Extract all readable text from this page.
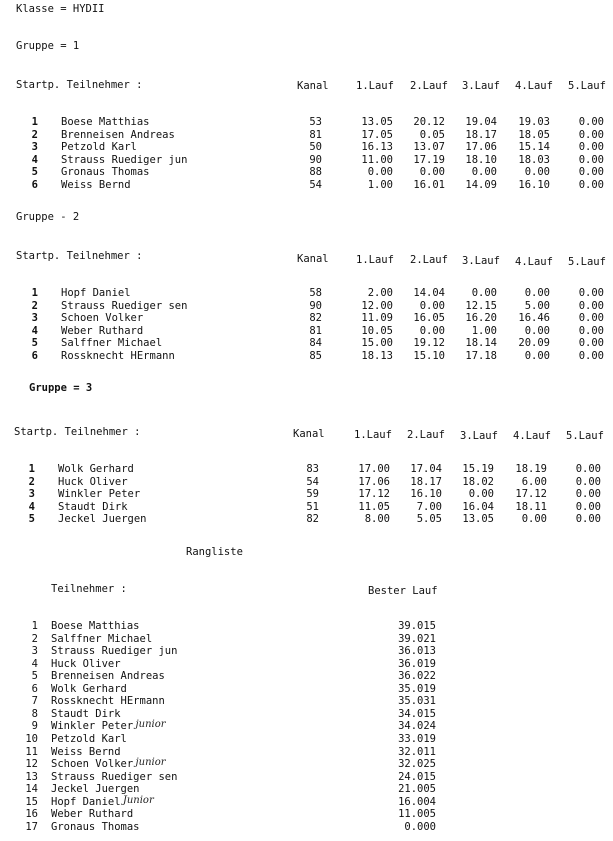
Klasse = HYDII
Gruppe = 1
Startp. Teilnehmer :	Kanal	1.Lauf 2.Lauf 3.Lauf 4.Lauf 5.Lauf
1 Boese Matthias	53	13.05	20.12	19.04	19.03	0.00
2 Brenneisen Andreas	81	17.05	0.05	18.17	18.05	0.00
3 Petzold Karl	50	16.13	13.07	17.06	15.14	0.00
4 Strauss Ruediger jun	90	11.00	17.19	18.10	18.03	0.00
5 Gronaus Thomas	88	0.00	0.00	0.00	0.00	0.00
6 Weiss Bernd	54	1.00	16.01	14.09	16.10	0.00
Gruppe - 2
Startp. Teilnehmer :	Kanal	1.Lauf 2.Lauf 3.Lauf 4.Lauf 5.Lauf
1 Hopf Daniel	58	2.00	14.04	0.00	0.00	0.00
2 Strauss Ruediger sen	90	12.00	0.00	12.15	5.00	0.00
3 Schoen Volker	82	11.09	16.05	16.20	16.46	0.00
4 Weber Ruthard	81	10.05	0.00	1.00	0.00	0.00
5 Salffner Michael	84	15.00	19.12	18.14	20.09	0.00
6 Rossknecht HErmann	85	18.13	15.10	17.18	0.00	0.00
Gruppe = 3
Startp. Teilnehmer :	Kanal	1.Lauf 2.Lauf 3.Lauf 4.Lauf 5.Lauf
1 Wolk Gerhard	83	17.00	17.04	15.19	18.19	0.00
2 Huck Oliver	54	17.06	18.17	18.02	6.00	0.00
3 Winkler Peter	59	17.12	16.10	0.00	17.12	0.00
4 Staudt Dirk	51	11.05	7.00	16.04	18.11	0.00
5 Jeckel Juergen	82	8.00	5.05	13.05	0.00	0.00
Rangliste
Teilnehmer :	Bester Lauf
1 Boese Matthias	39.015
2 Salffner Michael	39.021
3 Strauss Ruediger jun	36.013
4 Huck Oliver	36.019
5 Brenneisen Andreas	36.022
6 Wolk Gerhard	35.019
7 Rossknecht HErmann	35.031
8 Staudt Dirk	34.015
9 Winkler Peter junior	34.024
10 Petzold Karl	33.019
11 Weiss Bernd	32.011
12 Schoen Volker junior	32.025
13 Strauss Ruediger sen	24.015
14 Jeckel Juergen	21.005
15 Hopf Daniel Junior	16.004
16 Weber Ruthard	11.005
17 Gronaus Thomas	0.000
